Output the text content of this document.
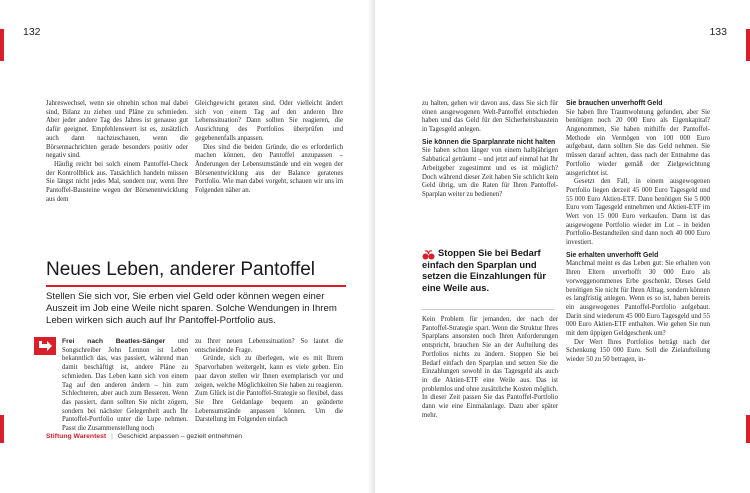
132

Jahreswechsel, wenn sie ohnehin schon mal dabei sind, Bilanz zu ziehen und Pläne zu schmieden. Aber jeder andere Tag des Jahres ist genauso gut dafür geeignet. Empfehlenswert ist es, zusätzlich auch dann nachzuschauen, wenn die Börsennachrichten gerade besonders positiv oder negativ sind.

Häufig reicht bei solch einem Pantoffel-Check der Kontrollblick aus. Tatsächlich handeln müssen Sie längst nicht jedes Mal, sondern nur, wenn Ihre Pantoffel-Bausteine wegen der Börsenentwicklung aus dem

Gleichgewicht geraten sind. Oder vielleicht ändert sich von einem Tag auf den anderen Ihre Lebenssituation? Dann sollten Sie reagieren, die Ausrichtung des Portfolios überprüfen und gegebenenfalls anpassen.

Dies sind die beiden Gründe, die es erforderlich machen können, den Pantoffel anzupassen – Änderungen der Lebensumstände und ein wegen der Börsenentwicklung aus der Balance geratenes Portfolio. Wie man dabei vorgeht, schauen wir uns im Folgenden näher an.

Neues Leben, anderer Pantoffel
Stellen Sie sich vor, Sie erben viel Geld oder können wegen einer Auszeit im Job eine Weile nicht sparen. Solche Wendungen in Ihrem Leben wirken sich auch auf Ihr Pantoffel-Portfolio aus.

Frei nach Beatles-Sänger und Songschreiber John Lennon ist Leben bekanntlich das, was passiert, während man damit beschäftigt ist, andere Pläne zu schmieden. Das Leben kann sich von einem Tag auf den anderen ändern – hin zum Schlechteren, aber auch zum Besseren. Wenn das passiert, dann sollten Sie nicht zögern, sondern bei nächster Gelegenheit auch Ihr Pantoffel-Portfolio unter die Lupe nehmen. Passt die Zusammenstellung noch

zu Ihrer neuen Lebenssituation? So lautet die entscheidende Frage.

Gründe, sich zu überlegen, wie es mit Ihrem Sparvorhaben weitergeht, kann es viele geben. Ein paar davon stellen wir Ihnen exemplarisch vor und zeigen, welche Möglichkeiten Sie haben zu reagieren. Zum Glück ist die Pantoffel-Strategie so flexibel, dass Sie Ihre Geldanlage bequem an geänderte Lebensumstände anpassen können. Um die Darstellung im Folgenden einfach

Stiftung Warentest | Geschickt anpassen – gezielt entnehmen
133

zu halten, gehen wir davon aus, dass Sie sich für einen ausgewogenen Welt-Pantoffel entschieden haben und das Geld für den Sicherheitsbaustein in Tagesgeld anlegen.

Sie können die Sparplanrate nicht halten

Sie haben schon länger von einem halbjährigen Sabbatical geträumt – und jetzt auf einmal hat Ihr Arbeitgeber zugestimmt und es ist möglich? Doch während dieser Zeit haben Sie schlicht kein Geld übrig, um die Raten für Ihren Pantoffel-Sparplan weiter zu bedienen?

Stoppen Sie bei Bedarf einfach den Sparplan und setzen die Einzahlungen für eine Weile aus.

Kein Problem für jemanden, der nach der Pantoffel-Strategie spart. Wenn die Struktur Ihres Sparplans ansonsten noch Ihren Anforderungen entspricht, brauchen Sie an der Aufteilung des Portfolios nichts zu ändern. Stoppen Sie bei Bedarf einfach den Sparplan und setzen Sie die Einzahlungen sowohl in das Tagesgeld als auch in die Aktien-ETF eine Weile aus. Das ist problemlos und ohne zusätzliche Kosten möglich. In dieser Zeit passen Sie das Pantoffel-Portfolio dann wie eine Einmalanlage. Dazu aber später mehr.

Sie brauchen unverhofft Geld

Sie haben Ihre Traumwohnung gefunden, aber Sie benötigen noch 20 000 Euro als Eigenkapital? Angenommen, Sie haben mithilfe der Pantoffel-Methode ein Vermögen von 100 000 Euro aufgebaut, dann sollten Sie das Geld nehmen. Sie müssen darauf achten, dass nach der Entnahme das Portfolio wieder gemäß der Zielgewichtung ausgerichtet ist.

Gesetzt den Fall, in einem ausgewogenen Portfolio liegen derzeit 45 000 Euro Tagesgeld und 55 000 Euro Aktien-ETF. Dann benötigen Sie 5 000 Euro vom Tagesgeld entnehmen und Aktien-ETF im Wert von 15 000 Euro verkaufen. Dann ist das ausgewogene Portfolio wieder im Lot – in beiden Portfolio-Bestandteilen sind dann noch 40 000 Euro investiert.

Sie erhalten unverhofft Geld

Manchmal meint es das Leben gut: Sie erhalten von Ihren Eltern unverhofft 30 000 Euro als vorweggenommenes Erbe geschenkt. Dieses Geld benötigen Sie nicht für Ihren Alltag, sondern können es langfristig anlegen. Wenn es so ist, haben bereits ein ausgewogenes Pantoffel-Portfolio aufgebaut. Darin sind wiederum 45 000 Euro Tagesgeld und 55 000 Euro Aktien-ETF enthalten. Wie gehen Sie nun mit dem üppigen Geldgeschenk um?

Der Wert Ihres Portfolios beträgt nach der Schenkung 150 000 Euro. Soll die Zielaufteilung wieder 50 zu 50 betragen, in-
